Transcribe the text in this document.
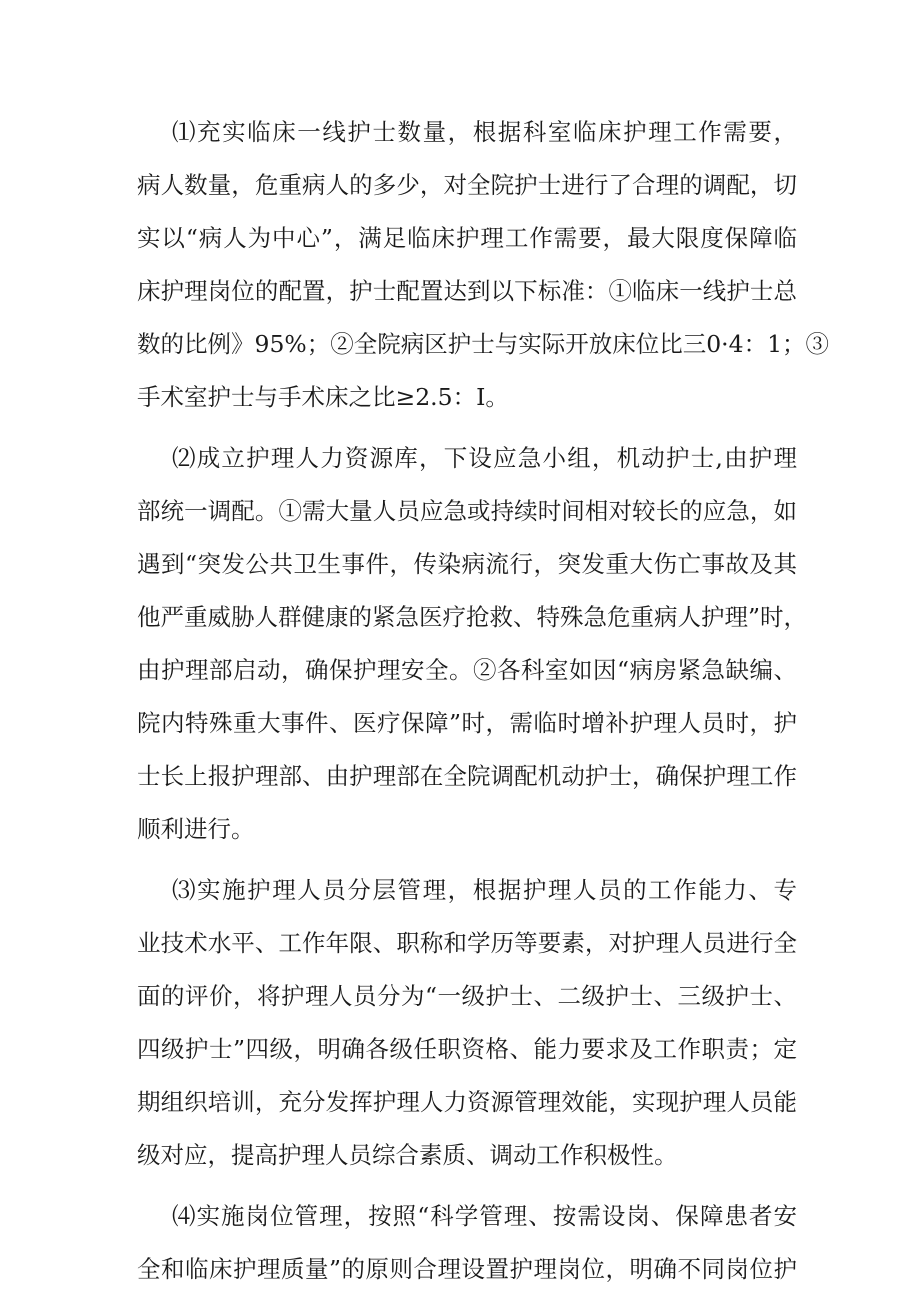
⑴充实临床一线护士数量，根据科室临床护理工作需要，
病人数量，危重病人的多少，对全院护士进行了合理的调配，切
实以“病人为中心”，满足临床护理工作需要，最大限度保障临
床护理岗位的配置，护士配置达到以下标准：①临床一线护士总
数的比例》95%；②全院病区护士与实际开放床位比三0·4：1；③
手术室护士与手术床之比≥2.5：I。
⑵成立护理人力资源库，下设应急小组，机动护士,由护理
部统一调配。①需大量人员应急或持续时间相对较长的应急，如
遇到“突发公共卫生事件，传染病流行，突发重大伤亡事故及其
他严重威胁人群健康的紧急医疗抢救、特殊急危重病人护理”时，
由护理部启动，确保护理安全。②各科室如因“病房紧急缺编、
院内特殊重大事件、医疗保障”时，需临时增补护理人员时，护
士长上报护理部、由护理部在全院调配机动护士，确保护理工作
顺利进行。
⑶实施护理人员分层管理，根据护理人员的工作能力、专
业技术水平、工作年限、职称和学历等要素，对护理人员进行全
面的评价，将护理人员分为“一级护士、二级护士、三级护士、
四级护士”四级，明确各级任职资格、能力要求及工作职责；定
期组织培训，充分发挥护理人力资源管理效能，实现护理人员能
级对应，提高护理人员综合素质、调动工作积极性。
⑷实施岗位管理，按照“科学管理、按需设岗、保障患者安
全和临床护理质量”的原则合理设置护理岗位，明确不同岗位护
